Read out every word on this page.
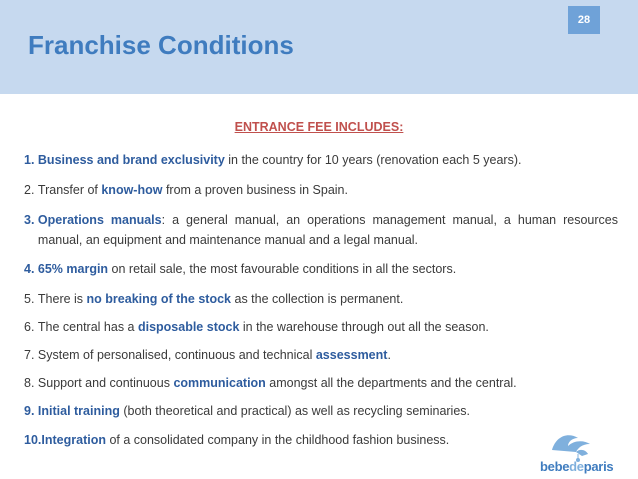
28
Franchise Conditions
ENTRANCE FEE INCLUDES:
1. Business and brand exclusivity in the country for 10 years (renovation each 5 years).
2. Transfer of know-how from a proven business in Spain.
3. Operations manuals: a general manual, an operations management manual, a human resources manual, an equipment and maintenance manual and a legal manual.
4. 65% margin on retail sale, the most favourable conditions in all the sectors.
5. There is no breaking of the stock as the collection is permanent.
6. The central has a disposable stock in the warehouse through out all the season.
7. System of personalised, continuous and technical assessment.
8. Support and continuous communication amongst all the departments and the central.
9. Initial training (both theoretical and practical) as well as recycling seminaries.
10. Integration of a consolidated company in the childhood fashion business.
bebedeparis
